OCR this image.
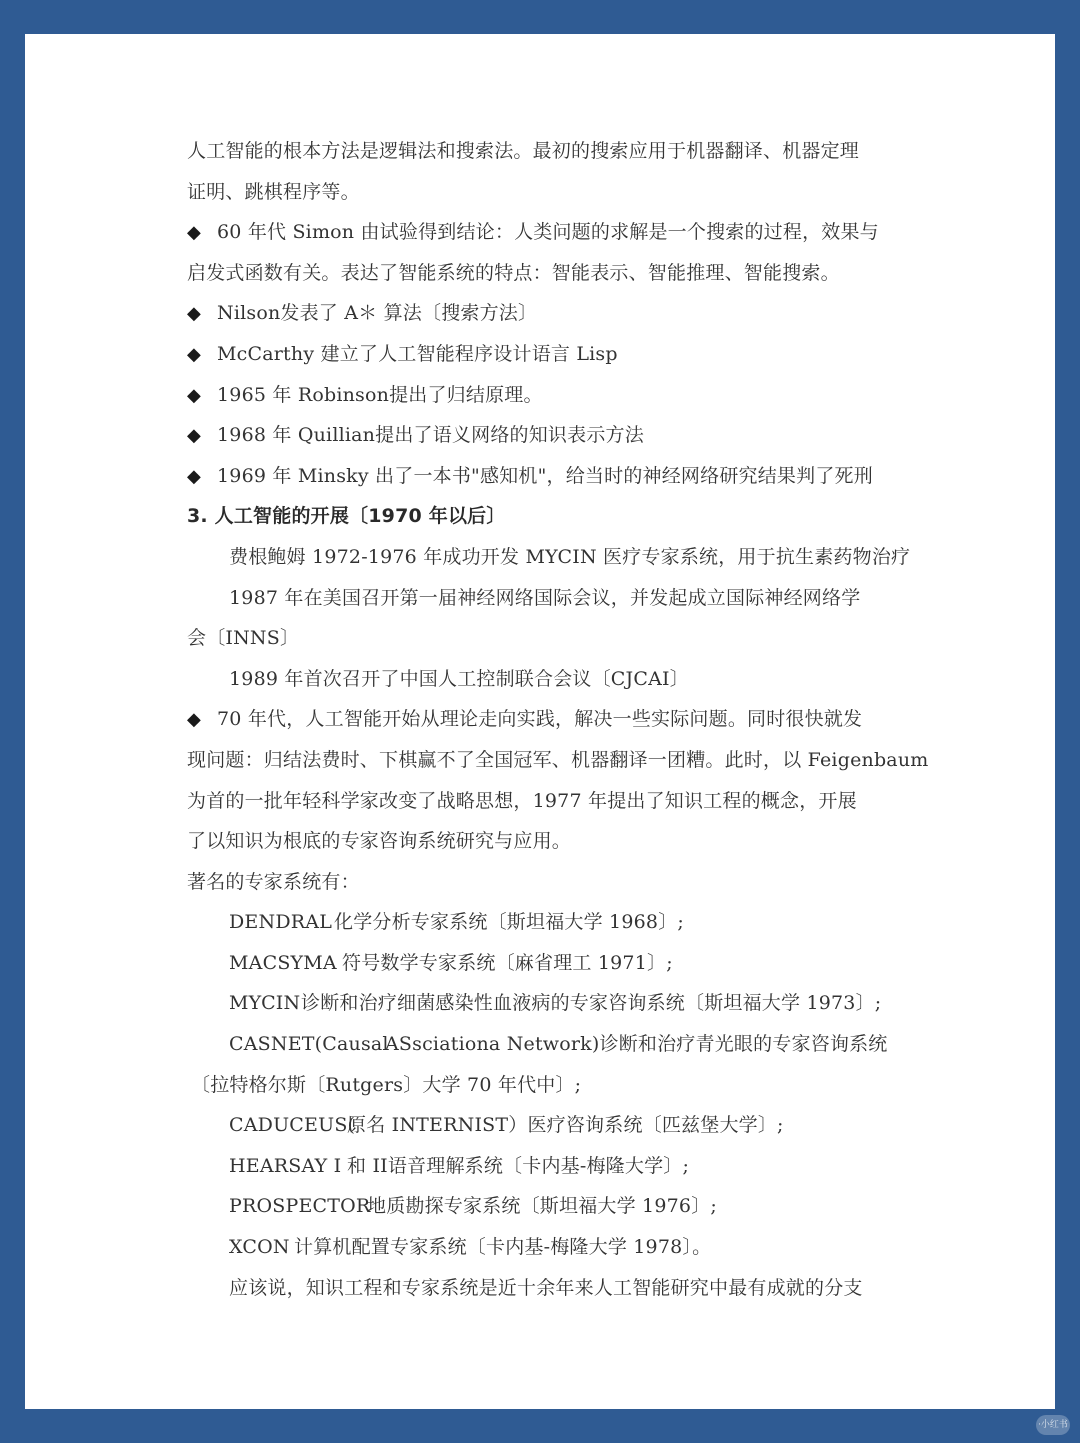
人工智能的根本方法是逻辑法和搜索法。最初的搜索应用于机器翻译、机器定理
证明、跳棋程序等。
◆ 60 年代 Simon 由试验得到结论：人类问题的求解是一个搜索的过程，效果与
启发式函数有关。表达了智能系统的特点：智能表示、智能推理、智能搜索。
◆ Nilson发表了 A＊ 算法〔搜索方法〕
◆ McCarthy 建立了人工智能程序设计语言 Lisp
◆ 1965 年 Robinson提出了归结原理。
◆ 1968 年 Quillian提出了语义网络的知识表示方法
◆ 1969 年 Minsky 出了一本书"感知机"，给当时的神经网络研究结果判了死刑
3. 人工智能的开展〔1970 年以后〕
费根鲍姆 1972-1976 年成功开发 MYCIN 医疗专家系统，用于抗生素药物治疗
1987 年在美国召开第一届神经网络国际会议，并发起成立国际神经网络学
会〔INNS〕
1989 年首次召开了中国人工控制联合会议〔CJCAI〕
◆ 70 年代，人工智能开始从理论走向实践，解决一些实际问题。同时很快就发
现问题：归结法费时、下棋赢不了全国冠军、机器翻译一团糟。此时，以 Feigenbaum
为首的一批年轻科学家改变了战略思想，1977 年提出了知识工程的概念，开展
了以知识为根底的专家咨询系统研究与应用。
著名的专家系统有：
DENDRAL 化学分析专家系统〔斯坦福大学 1968〕;
MACSYMA 符号数学专家系统〔麻省理工 1971〕;
MYCIN诊断和治疗细菌感染性血液病的专家咨询系统〔斯坦福大学 1973〕;
CASNET(CausalASsciationa Network)诊断和治疗青光眼的专家咨询系统
〔拉特格尔斯〔Rutgers〕大学 70 年代中〕;
CADUCEUS(原名 INTERNIST）医疗咨询系统〔匹兹堡大学〕;
HEARSAY Ⅰ 和 II语音理解系统〔卡内基-梅隆大学〕;
PROSPECTOR地质勘探专家系统〔斯坦福大学 1976〕;
XCON 计算机配置专家系统〔卡内基-梅隆大学 1978〕。
应该说，知识工程和专家系统是近十余年来人工智能研究中最有成就的分支
·小红书
